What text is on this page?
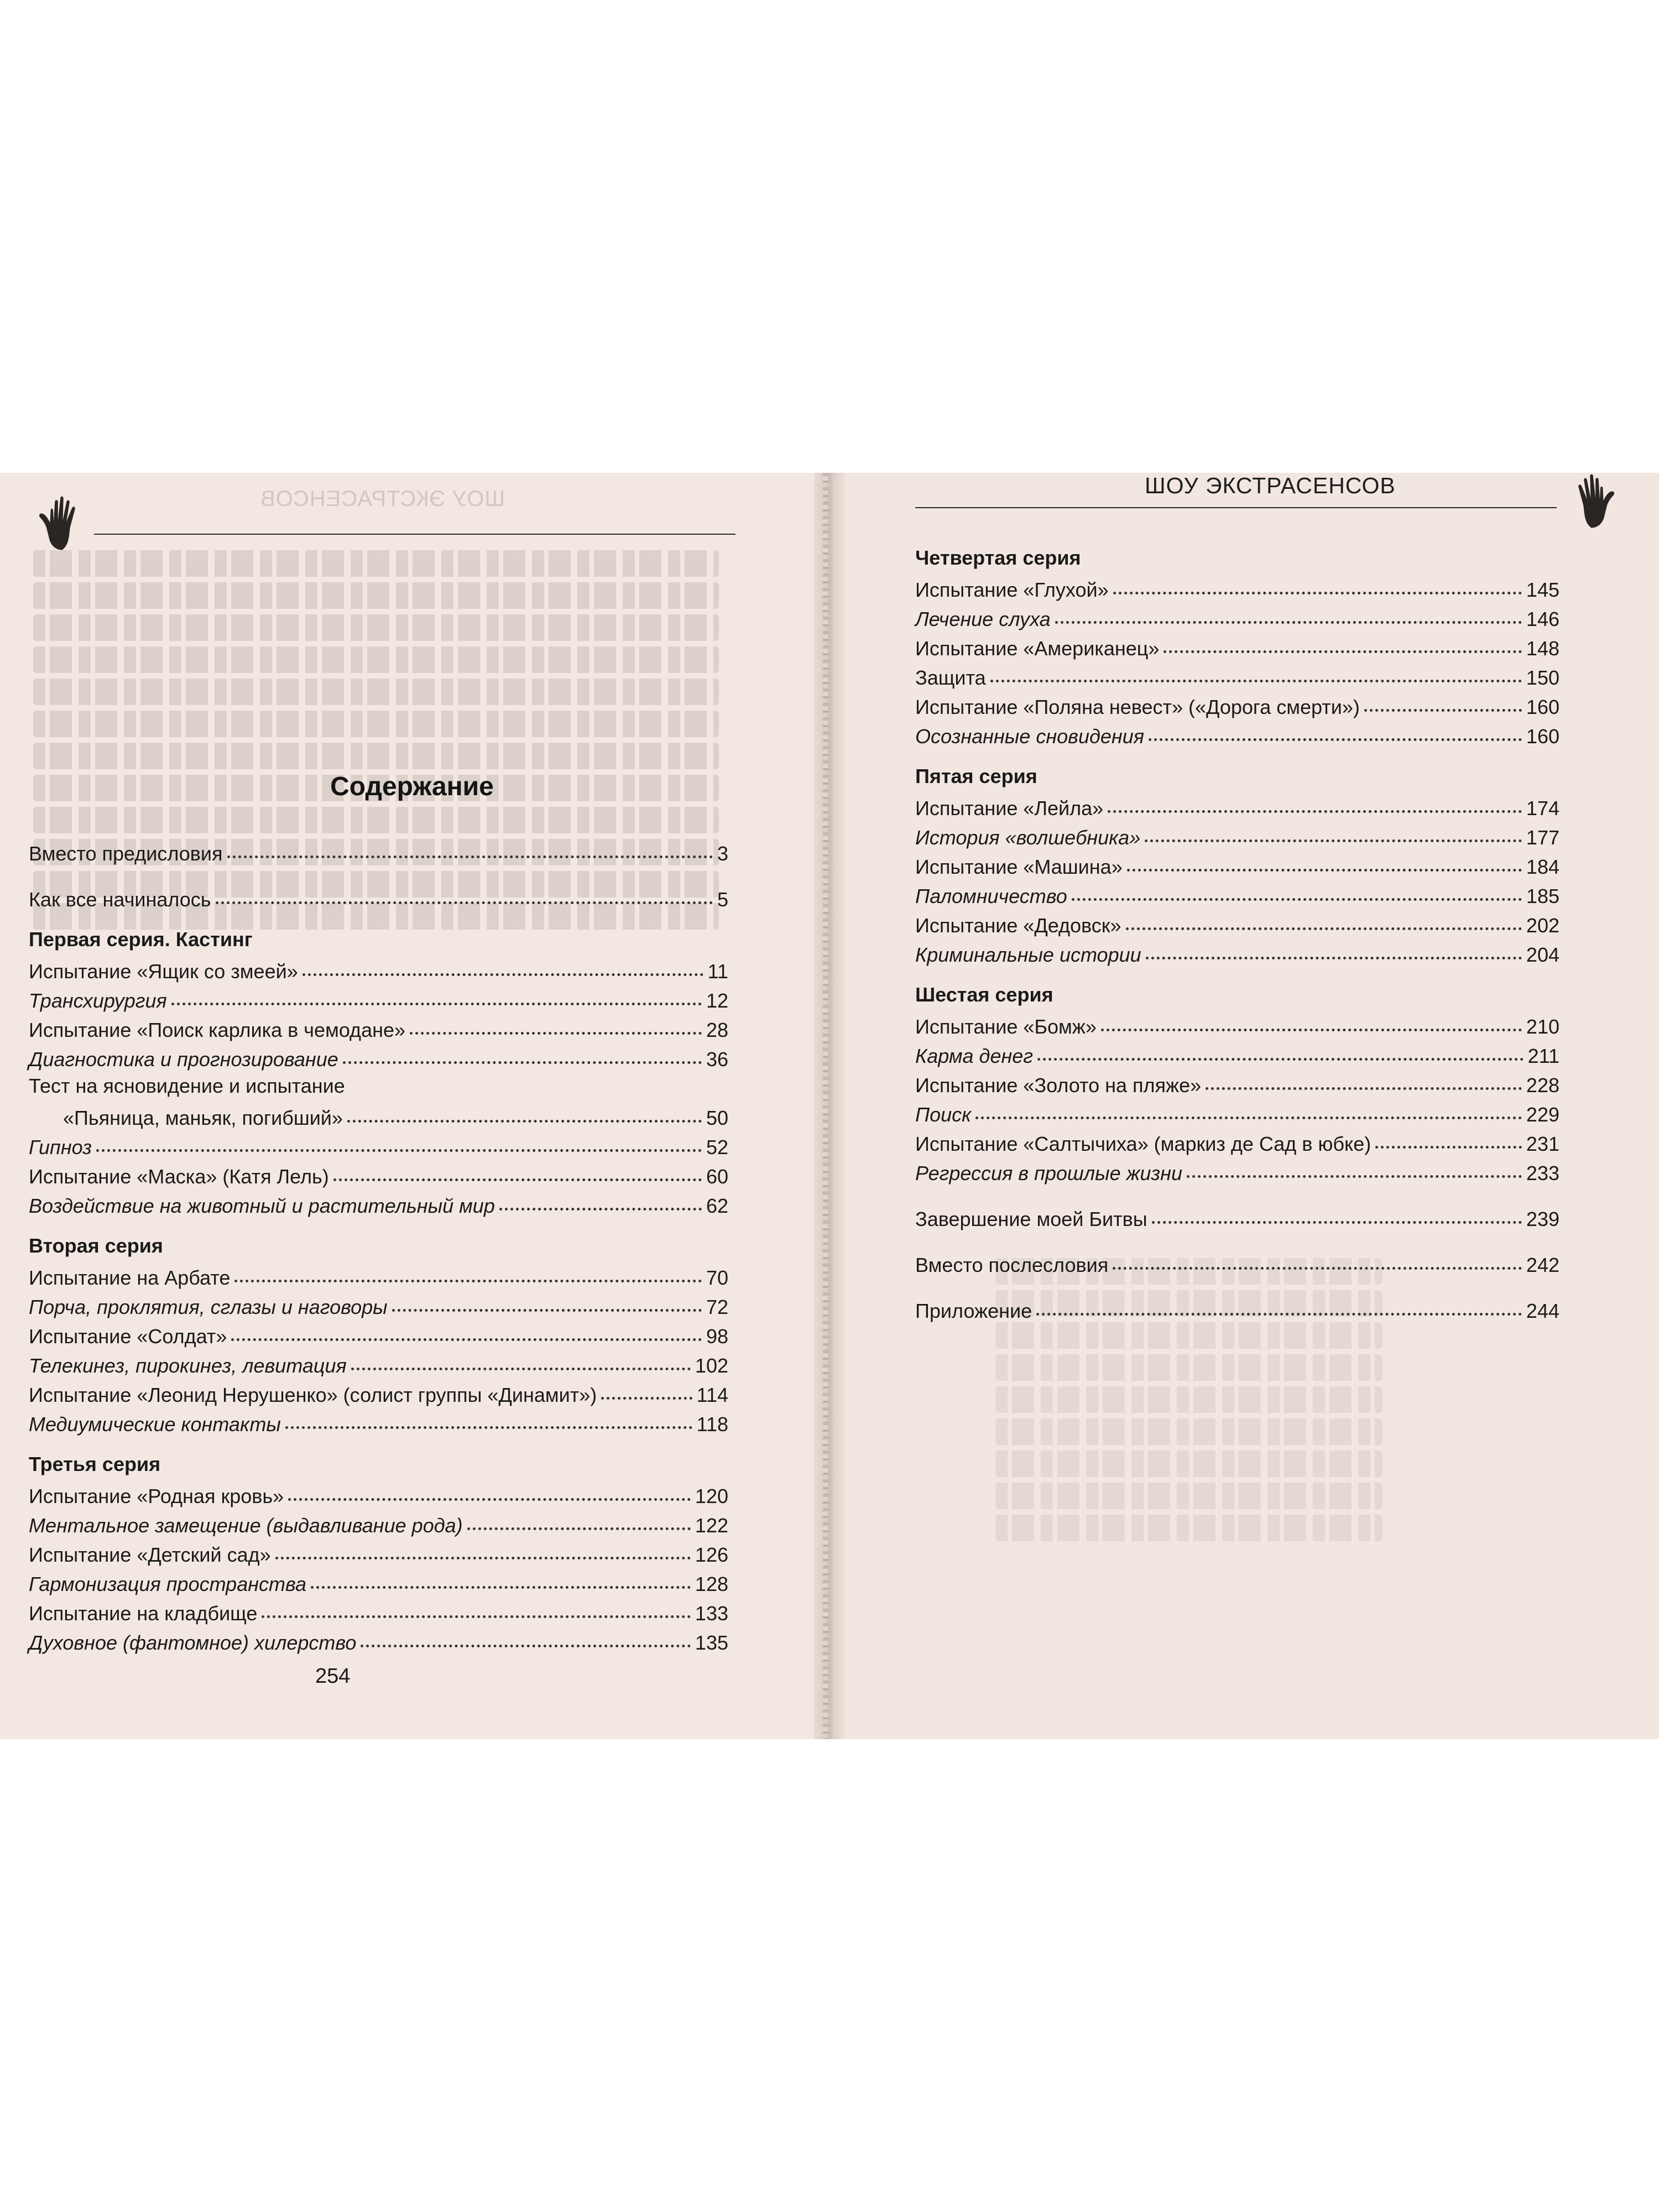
ШОУ ЭКСТРАСЕНСОВ
Содержание
Вместо предисловия	3
Как все начиналось	5
Первая серия. Кастинг
Испытание «Ящик со змеей»	11
Трансхирургия	12
Испытание «Поиск карлика в чемодане»	28
Диагностика и прогнозирование	36
Тест на ясновидение и испытание
«Пьяница, маньяк, погибший»	50
Гипноз	52
Испытание «Маска» (Катя Лель)	60
Воздействие на животный и растительный мир	62
Вторая серия
Испытание на Арбате	70
Порча, проклятия, сглазы и наговоры	72
Испытание «Солдат»	98
Телекинез, пирокинез, левитация	102
Испытание «Леонид Нерушенко» (солист группы «Динамит»)	114
Медиумические контакты	118
Третья серия
Испытание «Родная кровь»	120
Ментальное замещение (выдавливание рода)	122
Испытание «Детский сад»	126
Гармонизация пространства	128
Испытание на кладбище	133
Духовное (фантомное) хилерство	135
254
ШОУ ЭКСТРАСЕНСОВ
Четвертая серия
Испытание «Глухой»	145
Лечение слуха	146
Испытание «Американец»	148
Защита	150
Испытание «Поляна невест» («Дорога смерти»)	160
Осознанные сновидения	160
Пятая серия
Испытание «Лейла»	174
История «волшебника»	177
Испытание «Машина»	184
Паломничество	185
Испытание «Дедовск»	202
Криминальные истории	204
Шестая серия
Испытание «Бомж»	210
Карма денег	211
Испытание «Золото на пляже»	228
Поиск	229
Испытание «Салтычиха» (маркиз де Сад в юбке)	231
Регрессия в прошлые жизни	233
Завершение моей Битвы	239
Вместо послесловия	242
Приложение	244
